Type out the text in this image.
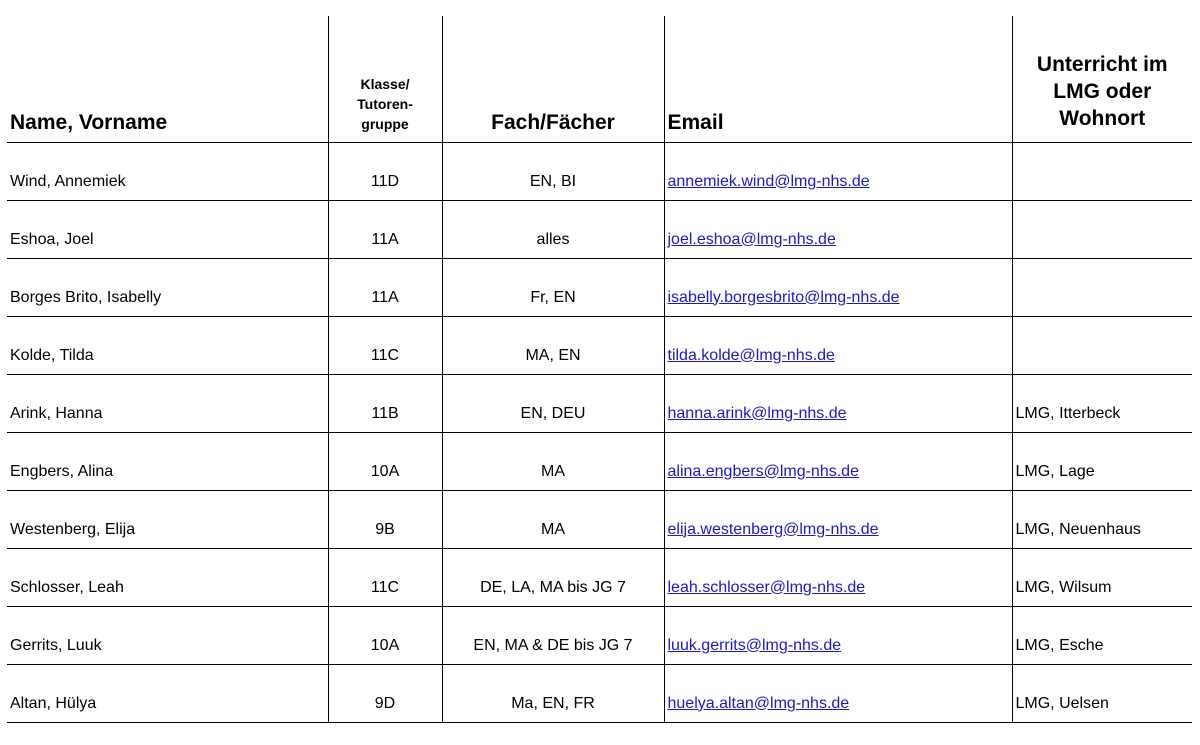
Name, Vorname	Klasse/
Tutoren-
gruppe	Fach/Fächer	Email	Unterricht im
LMG oder
Wohnort

Wind, Annemiek	11D	EN, BI	annemiek.wind@lmg-nhs.de	
Eshoa, Joel	11A	alles	joel.eshoa@lmg-nhs.de	
Borges Brito, Isabelly	11A	Fr, EN	isabelly.borgesbrito@lmg-nhs.de	
Kolde, Tilda	11C	MA, EN	tilda.kolde@lmg-nhs.de	
Arink, Hanna	11B	EN, DEU	hanna.arink@lmg-nhs.de	LMG, Itterbeck
Engbers, Alina	10A	MA	alina.engbers@lmg-nhs.de	LMG, Lage
Westenberg, Elija	9B	MA	elija.westenberg@lmg-nhs.de	LMG, Neuenhaus
Schlosser, Leah	11C	DE, LA, MA bis JG 7	leah.schlosser@lmg-nhs.de	LMG, Wilsum
Gerrits, Luuk	10A	EN, MA & DE bis JG 7	luuk.gerrits@lmg-nhs.de	LMG, Esche
Altan, Hülya	9D	Ma, EN, FR	huelya.altan@lmg-nhs.de	LMG, Uelsen
